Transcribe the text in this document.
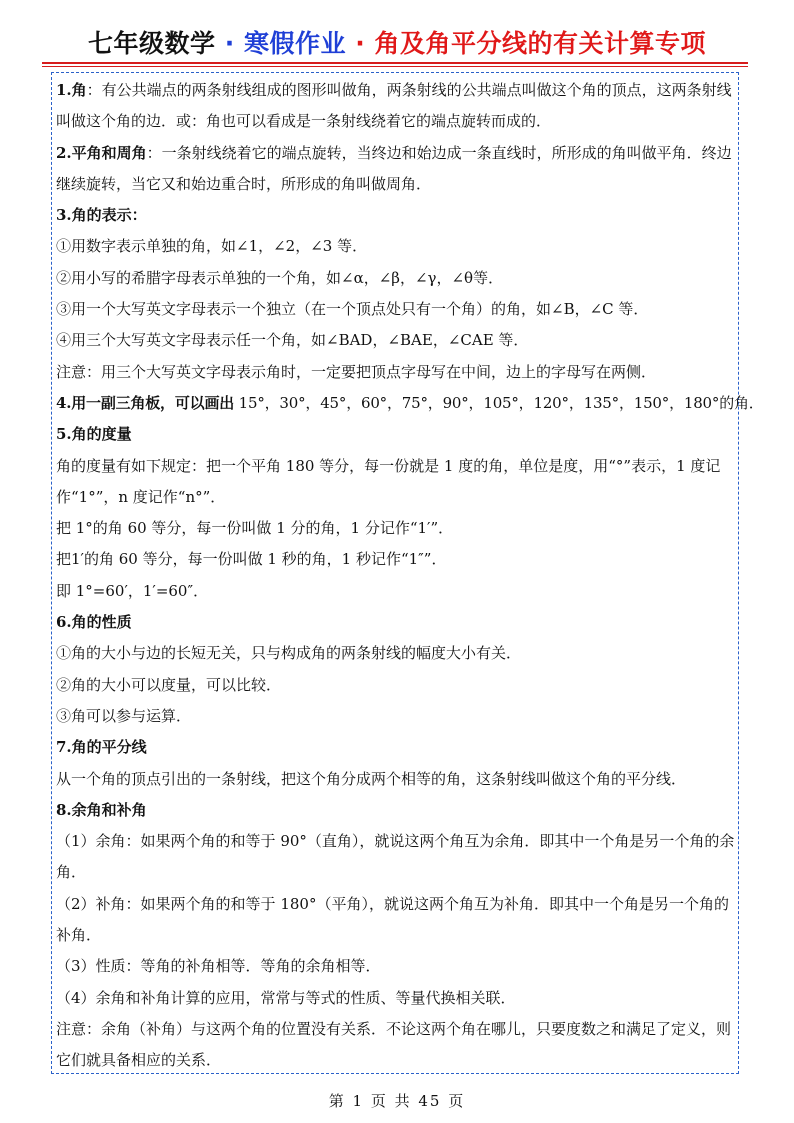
七年级数学 · 寒假作业 · 角及角平分线的有关计算专项

1.角：有公共端点的两条射线组成的图形叫做角，两条射线的公共端点叫做这个角的顶点，这两条射线叫做这个角的边．或：角也可以看成是一条射线绕着它的端点旋转而成的．

2.平角和周角：一条射线绕着它的端点旋转，当终边和始边成一条直线时，所形成的角叫做平角．终边继续旋转，当它又和始边重合时，所形成的角叫做周角．

3.角的表示：

①用数字表示单独的角，如∠1，∠2，∠3 等．

②用小写的希腊字母表示单独的一个角，如∠α，∠β，∠γ，∠θ等．

③用一个大写英文字母表示一个独立（在一个顶点处只有一个角）的角，如∠B，∠C 等．

④用三个大写英文字母表示任一个角，如∠BAD，∠BAE，∠CAE 等．

注意：用三个大写英文字母表示角时，一定要把顶点字母写在中间，边上的字母写在两侧．

4.用一副三角板，可以画出 15°，30°，45°，60°，75°，90°，105°，120°，135°，150°，180°的角．

5.角的度量

角的度量有如下规定：把一个平角 180 等分，每一份就是 1 度的角，单位是度，用“°”表示，1 度记作“1°”，n 度记作“n°”．

把 1°的角 60 等分，每一份叫做 1 分的角，1 分记作“1′”．

把1′的角 60 等分，每一份叫做 1 秒的角，1 秒记作“1″”．

即 1°=60′，1′=60″．

6.角的性质

①角的大小与边的长短无关，只与构成角的两条射线的幅度大小有关．

②角的大小可以度量，可以比较．

③角可以参与运算．

7.角的平分线

从一个角的顶点引出的一条射线，把这个角分成两个相等的角，这条射线叫做这个角的平分线．

8.余角和补角

（1）余角：如果两个角的和等于 90°（直角），就说这两个角互为余角．即其中一个角是另一个角的余角．

（2）补角：如果两个角的和等于 180°（平角），就说这两个角互为补角．即其中一个角是另一个角的补角．

（3）性质：等角的补角相等．等角的余角相等．

（4）余角和补角计算的应用，常常与等式的性质、等量代换相关联．

注意：余角（补角）与这两个角的位置没有关系．不论这两个角在哪儿，只要度数之和满足了定义，则它们就具备相应的关系．

第 1 页 共 45 页
